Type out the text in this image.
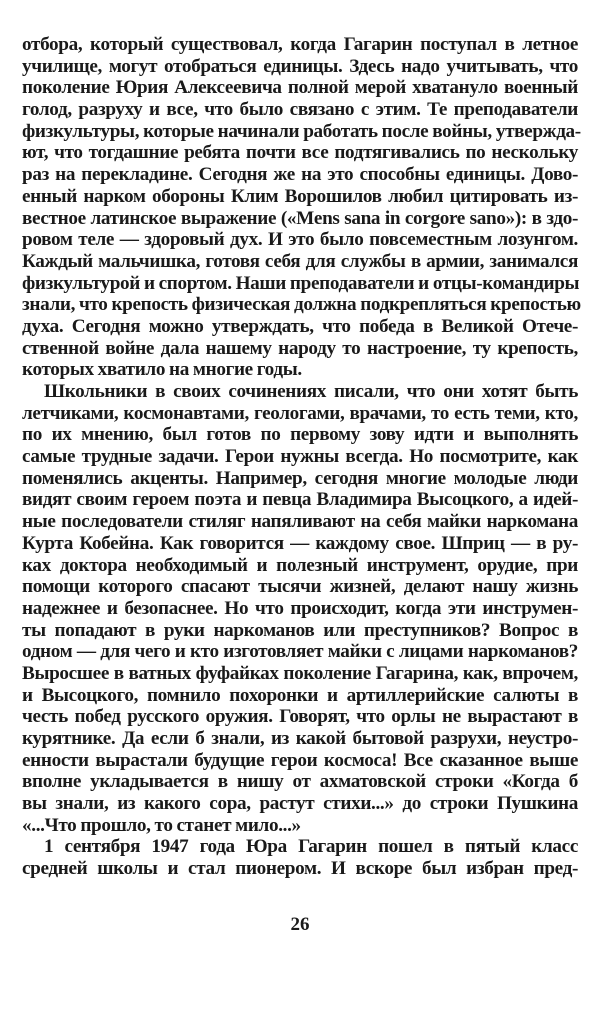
отбора, который существовал, когда Гагарин поступал в летное
училище, могут отобраться единицы. Здесь надо учитывать, что
поколение Юрия Алексеевича полной мерой хватануло военный
голод, разруху и все, что было связано с этим. Те преподаватели
физкультуры, которые начинали работать после войны, утвержда-
ют, что тогдашние ребята почти все подтягивались по нескольку
раз на перекладине. Сегодня же на это способны единицы. Дово-
енный нарком обороны Клим Ворошилов любил цитировать из-
вестное латинское выражение («Mens sana in corgore sano»): в здо-
ровом теле — здоровый дух. И это было повсеместным лозунгом.
Каждый мальчишка, готовя себя для службы в армии, занимался
физкультурой и спортом. Наши преподаватели и отцы-командиры
знали, что крепость физическая должна подкрепляться крепостью
духа. Сегодня можно утверждать, что победа в Великой Отече-
ственной войне дала нашему народу то настроение, ту крепость,
которых хватило на многие годы.
Школьники в своих сочинениях писали, что они хотят быть
летчиками, космонавтами, геологами, врачами, то есть теми, кто,
по их мнению, был готов по первому зову идти и выполнять
самые трудные задачи. Герои нужны всегда. Но посмотрите, как
поменялись акценты. Например, сегодня многие молодые люди
видят своим героем поэта и певца Владимира Высоцкого, а идей-
ные последователи стиляг напяливают на себя майки наркомана
Курта Кобейна. Как говорится — каждому свое. Шприц — в ру-
ках доктора необходимый и полезный инструмент, орудие, при
помощи которого спасают тысячи жизней, делают нашу жизнь
надежнее и безопаснее. Но что происходит, когда эти инструмен-
ты попадают в руки наркоманов или преступников? Вопрос в
одном — для чего и кто изготовляет майки с лицами наркоманов?
Выросшее в ватных фуфайках поколение Гагарина, как, впрочем,
и Высоцкого, помнило похоронки и артиллерийские салюты в
честь побед русского оружия. Говорят, что орлы не вырастают в
курятнике. Да если б знали, из какой бытовой разрухи, неустро-
енности вырастали будущие герои космоса! Все сказанное выше
вполне укладывается в нишу от ахматовской строки «Когда б
вы знали, из какого сора, растут стихи...» до строки Пушкина
«...Что прошло, то станет мило...»
1 сентября 1947 года Юра Гагарин пошел в пятый класс
средней школы и стал пионером. И вскоре был избран пред-
26
